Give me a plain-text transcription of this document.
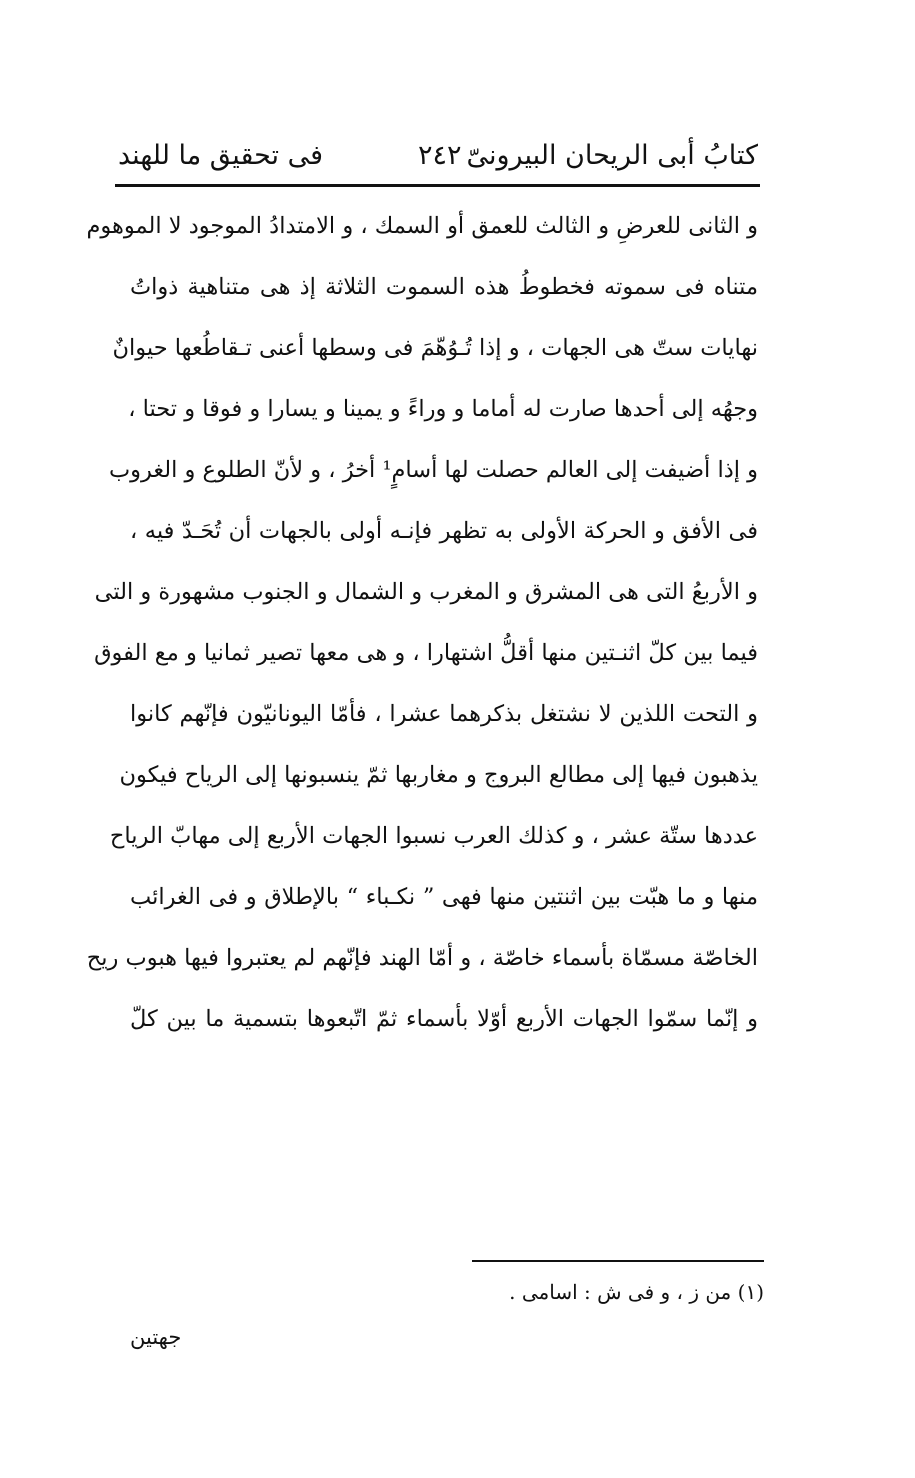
فى تحقيق ما للهند	٢٤٢ كتابُ أبى الريحان البيرونىّ
و الثانى للعرضِ و الثالث للعمق أو السمك ، و الامتدادُ الموجود لا الموهوم
متناه فى سموته فخطوطُ هذه السموت الثلاثة إذ هى متناهية ذواتُ
نهايات ستّ هى الجهات ، و إذا تُـوُهّمَ فى وسطها أعنى تـقاطُعها حيوانٌ
وجهُه إلى أحدها صارت له أماما و وراءً و يمينا و يسارا و فوقا و تحتا ،
و إذا أضيفت إلى العالم حصلت لها أسامٍ¹ أخرُ ، و لأنّ الطلوع و الغروب
فى الأفق و الحركة الأولى به تظهر فإنـه أولى بالجهات أن تُحَـدّ فيه ،
و الأربعُ التى هى المشرق و المغرب و الشمال و الجنوب مشهورة و التى
فيما بين كلّ اثنـتين منها أقلُّ اشتهارا ، و هى معها تصير ثمانيا و مع الفوق
و التحت اللذين لا نشتغل بذكرهما عشرا ، فأمّا اليونانيّون فإنّهم كانوا
يذهبون فيها إلى مطالع البروج و مغاربها ثمّ ينسبونها إلى الرياح فيكون
عددها ستّة عشر ، و كذلك العرب نسبوا الجهات الأربع إلى مهابّ الرياح
منها و ما هبّت بين اثنتين منها فهى ” نكـباء “ بالإطلاق و فى الغرائب
الخاصّة مسمّاة بأسماء خاصّة ، و أمّا الهند فإنّهم لم يعتبروا فيها هبوب ريح
و إنّما سمّوا الجهات الأربع أوّلا بأسماء ثمّ اتّبعوها بتسمية ما بين كلّ
(١) من ز ، و فى ش : اسامى .
جهتين
